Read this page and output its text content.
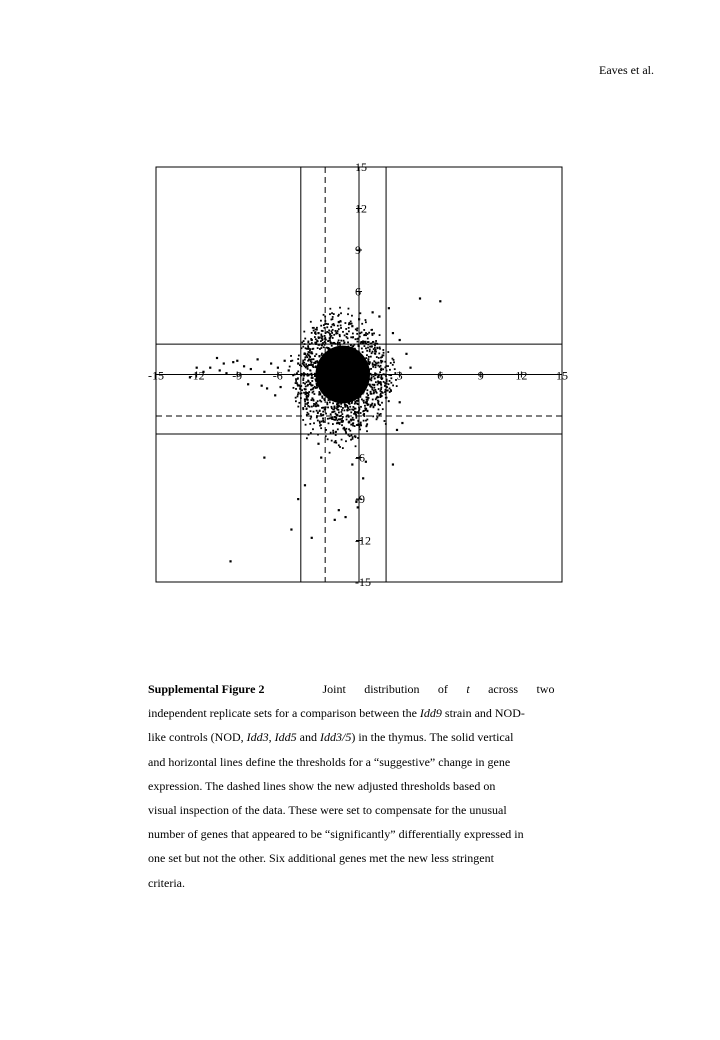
Eaves et al.
-15 -12 -9	-6	-3	3	6	9	12 15
15
12
9
6
-6
-9
-12
-15

Supplemental Figure 2	Joint distribution of t across two

independent replicate sets for a comparison between the Idd9 strain and NOD-

like controls (NOD, Idd3, Idd5 and Idd3/5) in the thymus. The solid vertical

and horizontal lines define the thresholds for a “suggestive” change in gene

expression. The dashed lines show the new adjusted thresholds based on

visual inspection of the data. These were set to compensate for the unusual

number of genes that appeared to be “significantly” differentially expressed in

one set but not the other. Six additional genes met the new less stringent

criteria.
